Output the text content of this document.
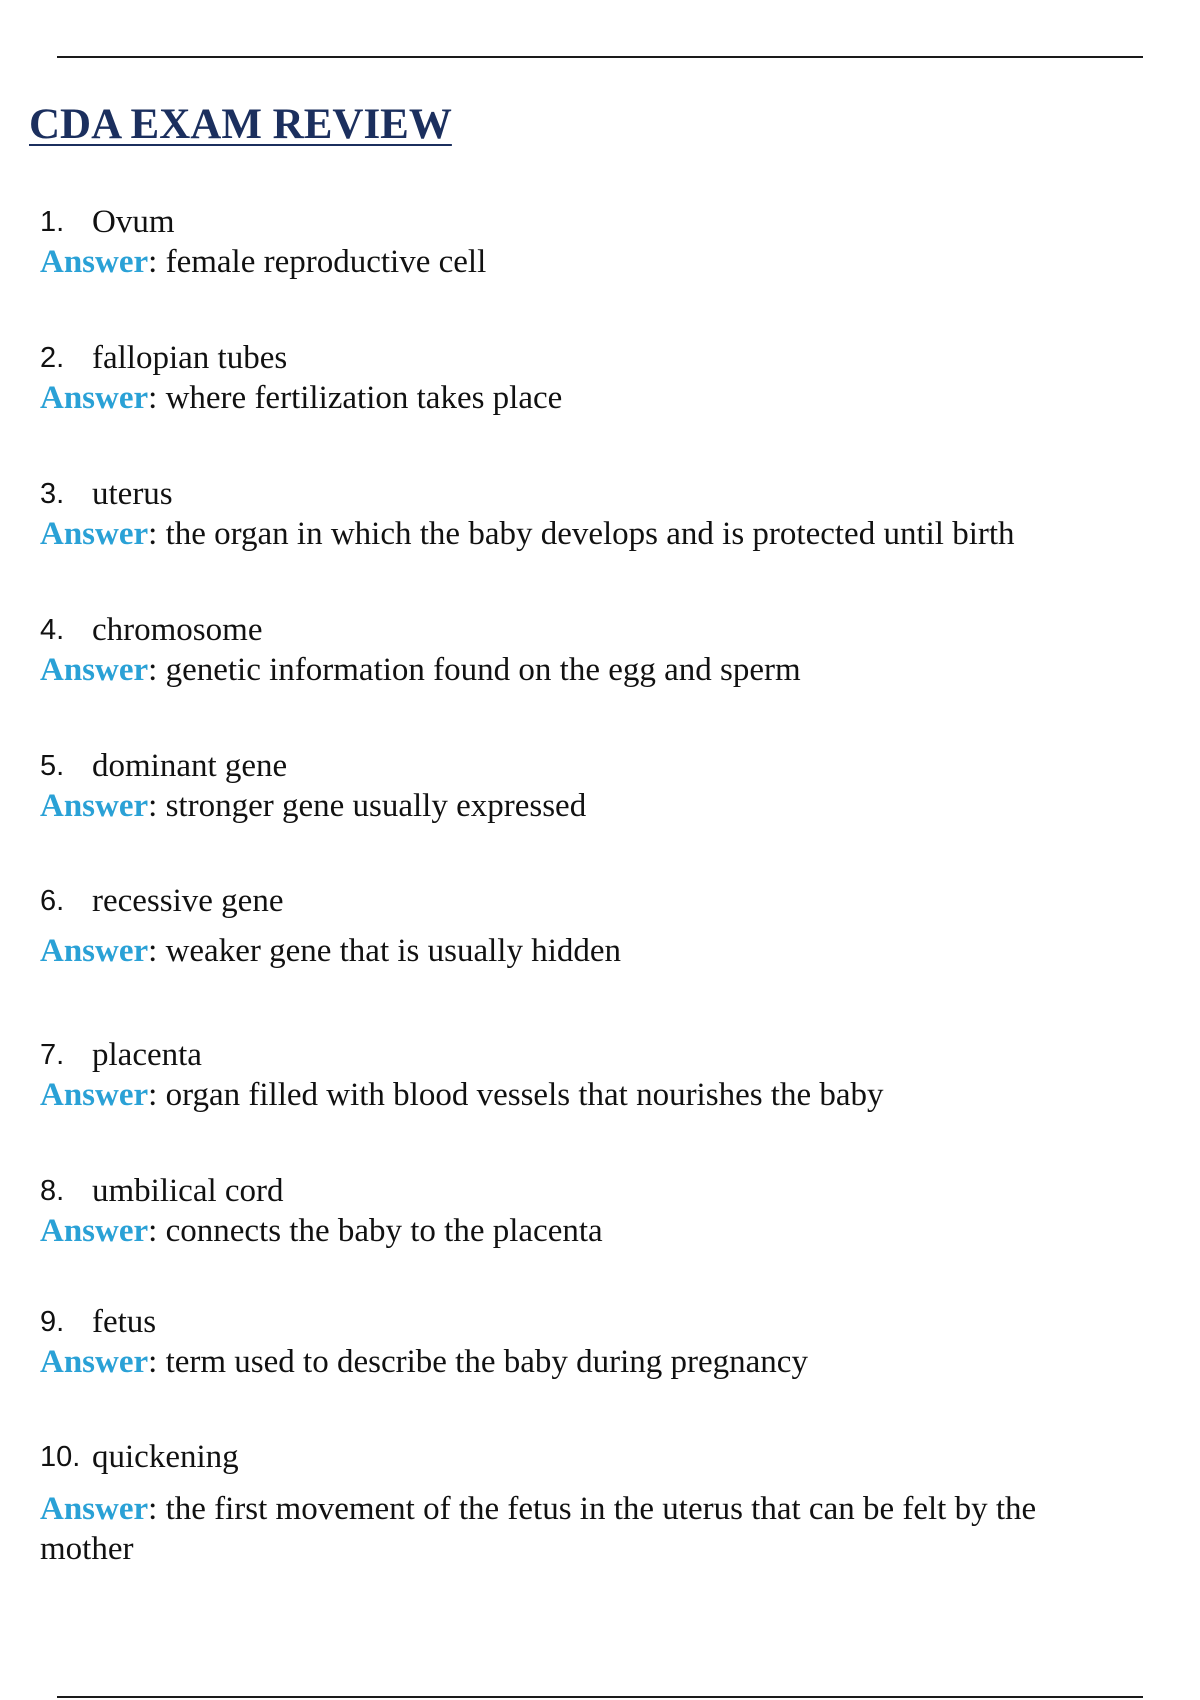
CDA EXAM REVIEW
1. Ovum

Answer: female reproductive cell

2. fallopian tubes

Answer: where fertilization takes place

3. uterus

Answer: the organ in which the baby develops and is protected until birth

4. chromosome

Answer: genetic information found on the egg and sperm

5. dominant gene

Answer: stronger gene usually expressed

6. recessive gene

Answer: weaker gene that is usually hidden

7. placenta

Answer: organ filled with blood vessels that nourishes the baby

8. umbilical cord

Answer: connects the baby to the placenta

9. fetus

Answer: term used to describe the baby during pregnancy

10. quickening

Answer: the first movement of the fetus in the uterus that can be felt by the mother
